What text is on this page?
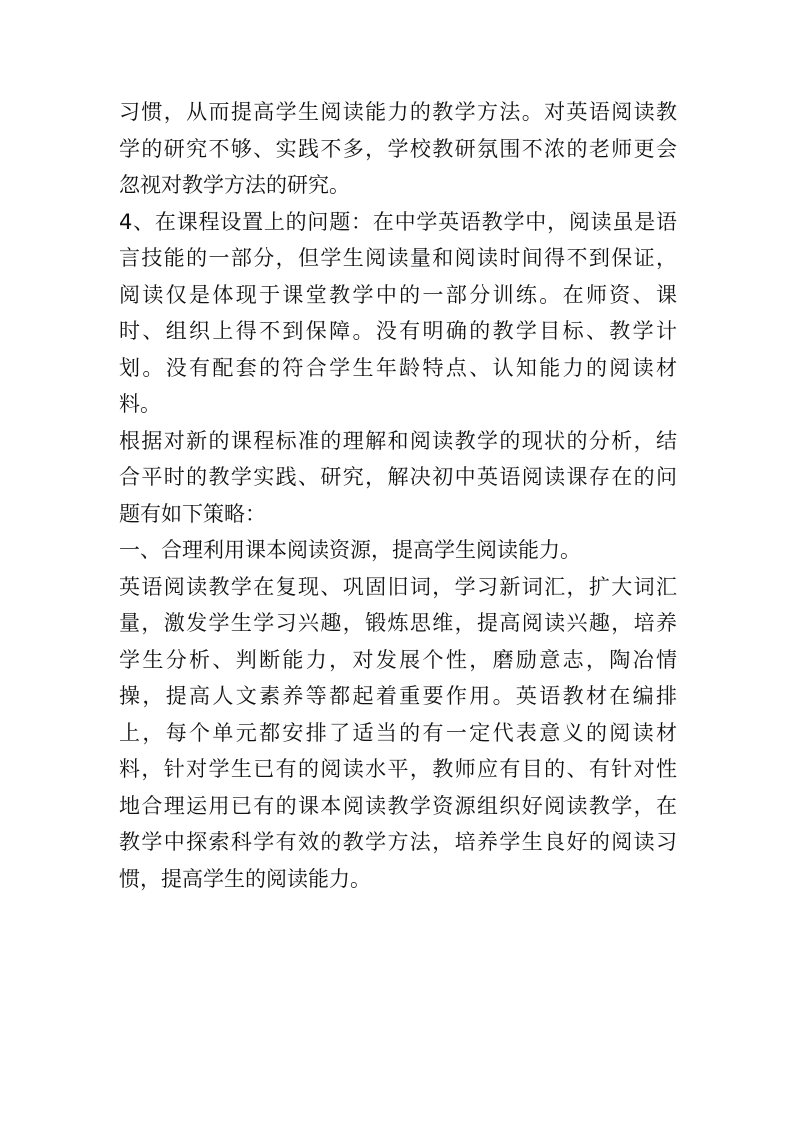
习惯，从而提高学生阅读能力的教学方法。对英语阅读教
学的研究不够、实践不多，学校教研氛围不浓的老师更会
忽视对教学方法的研究。
4、在课程设置上的问题：在中学英语教学中，阅读虽是语
言技能的一部分，但学生阅读量和阅读时间得不到保证，
阅读仅是体现于课堂教学中的一部分训练。在师资、课
时、组织上得不到保障。没有明确的教学目标、教学计
划。没有配套的符合学生年龄特点、认知能力的阅读材
料。
根据对新的课程标准的理解和阅读教学的现状的分析，结
合平时的教学实践、研究，解决初中英语阅读课存在的问
题有如下策略：
一、合理利用课本阅读资源，提高学生阅读能力。
英语阅读教学在复现、巩固旧词，学习新词汇，扩大词汇
量，激发学生学习兴趣，锻炼思维，提高阅读兴趣，培养
学生分析、判断能力，对发展个性，磨励意志，陶冶情
操，提高人文素养等都起着重要作用。英语教材在编排
上，每个单元都安排了适当的有一定代表意义的阅读材
料，针对学生已有的阅读水平，教师应有目的、有针对性
地合理运用已有的课本阅读教学资源组织好阅读教学，在
教学中探索科学有效的教学方法，培养学生良好的阅读习
惯，提高学生的阅读能力。
